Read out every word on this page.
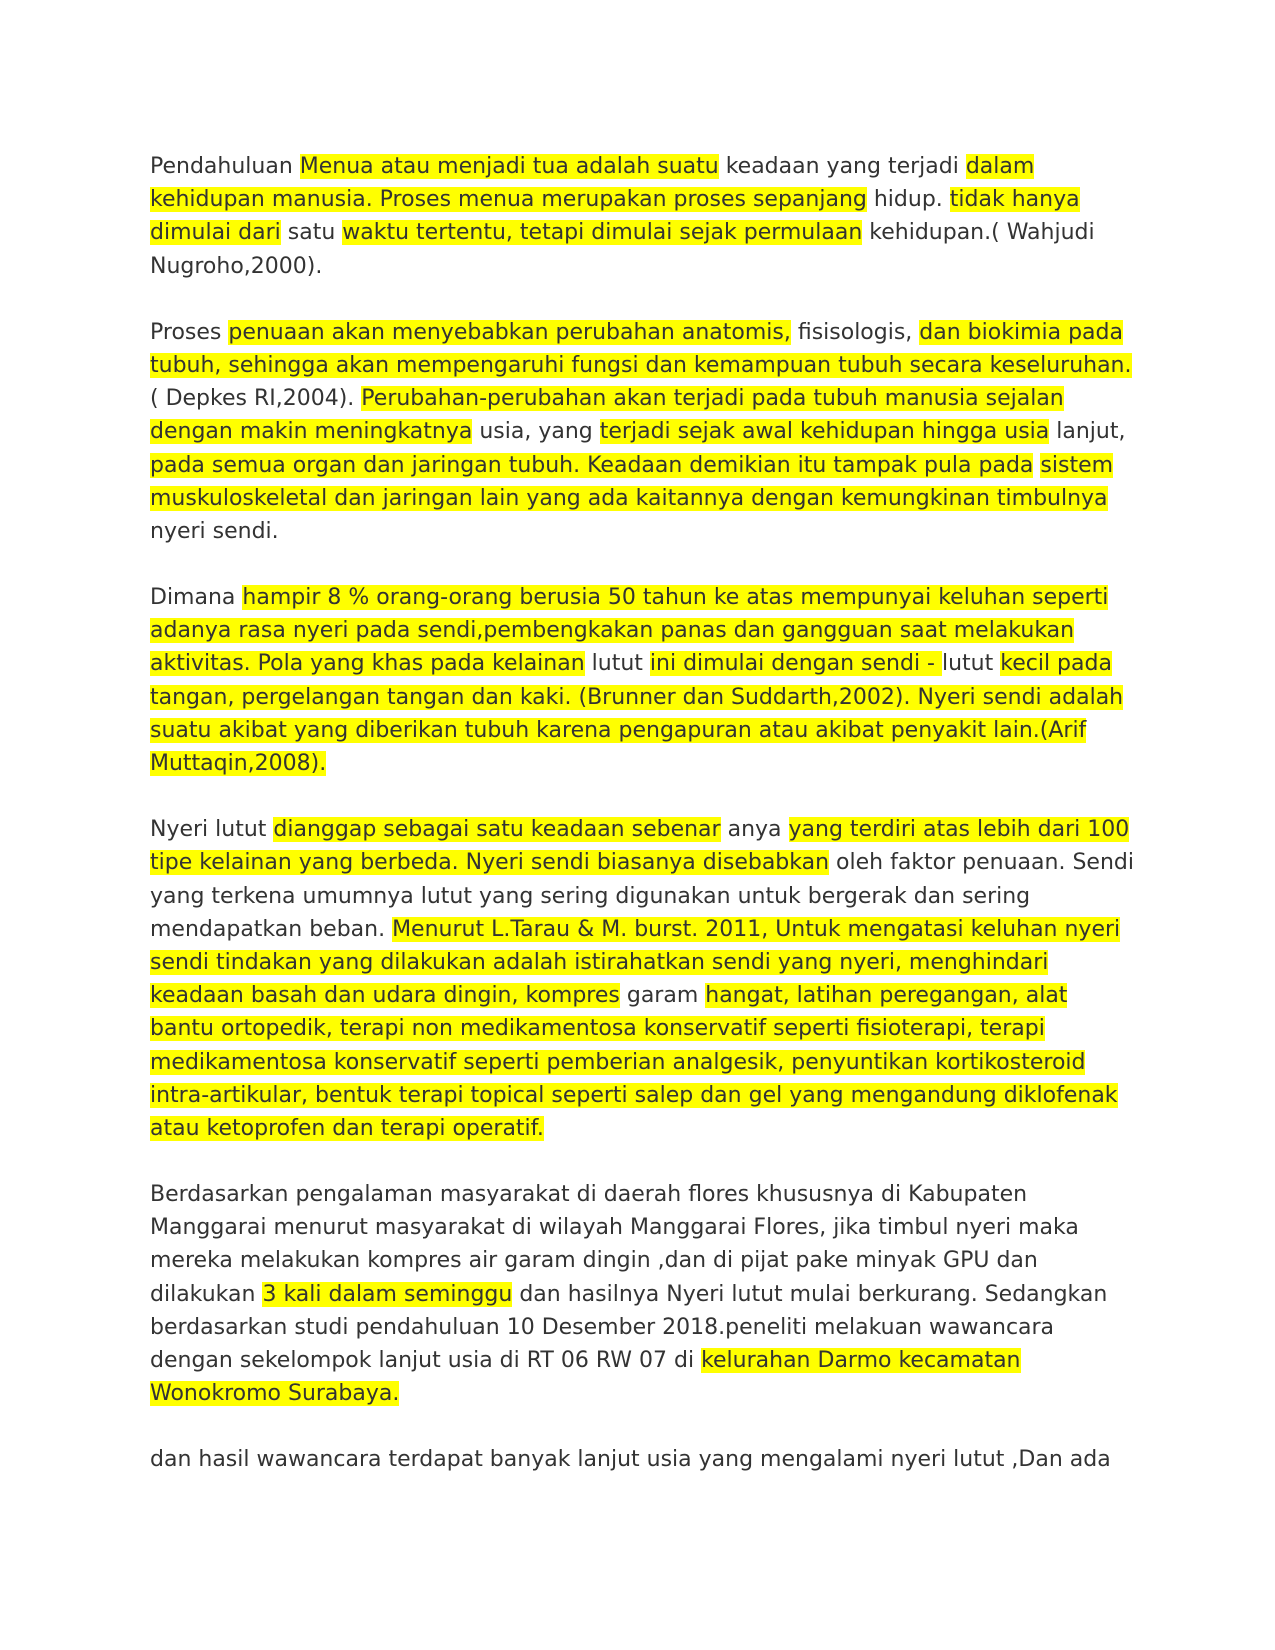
Pendahuluan Menua atau menjadi tua adalah suatu keadaan yang terjadi dalam
kehidupan manusia. Proses menua merupakan proses sepanjang hidup. tidak hanya
dimulai dari satu waktu tertentu, tetapi dimulai sejak permulaan kehidupan.( Wahjudi
Nugroho,2000).
Proses penuaan akan menyebabkan perubahan anatomis, fisisologis, dan biokimia pada
tubuh, sehingga akan mempengaruhi fungsi dan kemampuan tubuh secara keseluruhan.
( Depkes RI,2004). Perubahan-perubahan akan terjadi pada tubuh manusia sejalan
dengan makin meningkatnya usia, yang terjadi sejak awal kehidupan hingga usia lanjut,
pada semua organ dan jaringan tubuh. Keadaan demikian itu tampak pula pada sistem
muskuloskeletal dan jaringan lain yang ada kaitannya dengan kemungkinan timbulnya
nyeri sendi.
Dimana hampir 8 % orang-orang berusia 50 tahun ke atas mempunyai keluhan seperti
adanya rasa nyeri pada sendi,pembengkakan panas dan gangguan saat melakukan
aktivitas. Pola yang khas pada kelainan lutut ini dimulai dengan sendi - lutut kecil pada
tangan, pergelangan tangan dan kaki. (Brunner dan Suddarth,2002). Nyeri sendi adalah
suatu akibat yang diberikan tubuh karena pengapuran atau akibat penyakit lain.(Arif
Muttaqin,2008).
Nyeri lutut dianggap sebagai satu keadaan sebenar anya yang terdiri atas lebih dari 100
tipe kelainan yang berbeda. Nyeri sendi biasanya disebabkan oleh faktor penuaan. Sendi
yang terkena umumnya lutut yang sering digunakan untuk bergerak dan sering
mendapatkan beban. Menurut L.Tarau & M. burst. 2011, Untuk mengatasi keluhan nyeri
sendi tindakan yang dilakukan adalah istirahatkan sendi yang nyeri, menghindari
keadaan basah dan udara dingin, kompres garam hangat, latihan peregangan, alat
bantu ortopedik, terapi non medikamentosa konservatif seperti fisioterapi, terapi
medikamentosa konservatif seperti pemberian analgesik, penyuntikan kortikosteroid
intra-artikular, bentuk terapi topical seperti salep dan gel yang mengandung diklofenak
atau ketoprofen dan terapi operatif.
Berdasarkan pengalaman masyarakat di daerah flores khususnya di Kabupaten
Manggarai menurut masyarakat di wilayah Manggarai Flores, jika timbul nyeri maka
mereka melakukan kompres air garam dingin ,dan di pijat pake minyak GPU dan
dilakukan 3 kali dalam seminggu dan hasilnya Nyeri lutut mulai berkurang. Sedangkan
berdasarkan studi pendahuluan 10 Desember 2018.peneliti melakuan wawancara
dengan sekelompok lanjut usia di RT 06 RW 07 di kelurahan Darmo kecamatan
Wonokromo Surabaya.
dan hasil wawancara terdapat banyak lanjut usia yang mengalami nyeri lutut ,Dan ada
